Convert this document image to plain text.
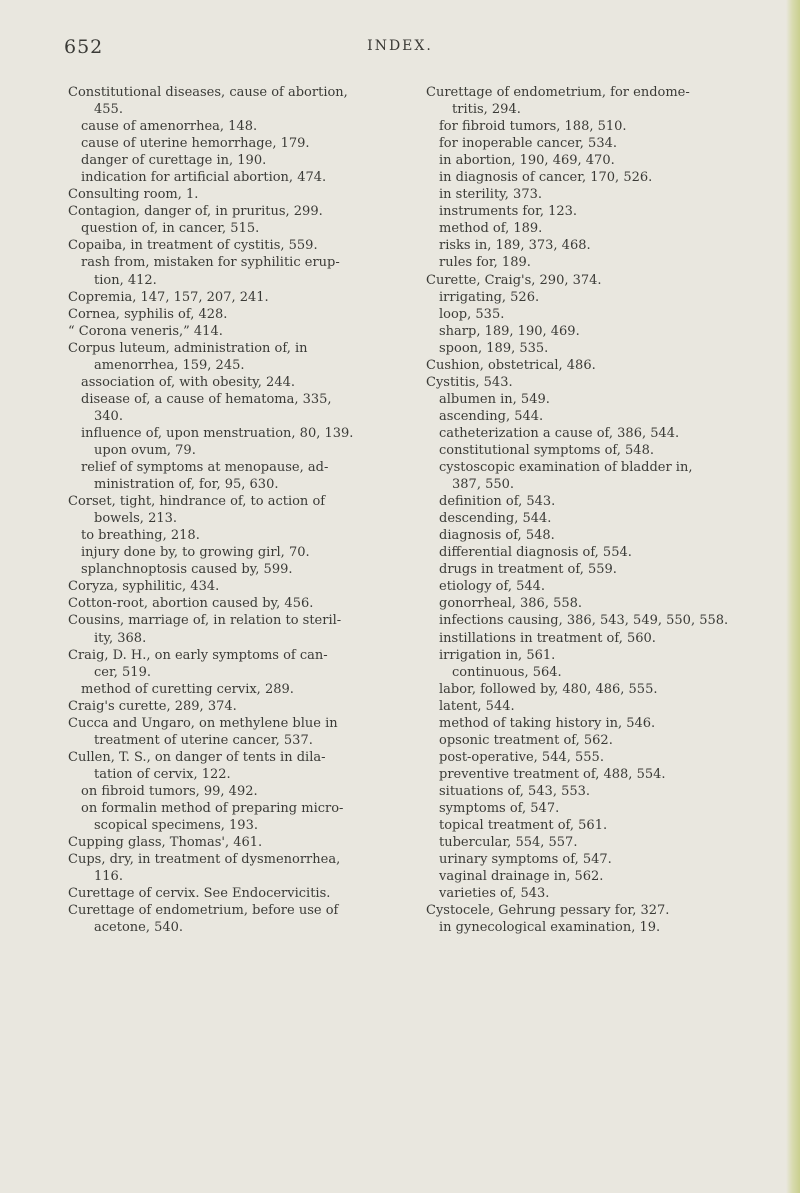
652	INDEX.
Constitutional diseases, cause of abortion,
455.
cause of amenorrhea, 148.
cause of uterine hemorrhage, 179.
danger of curettage in, 190.
indication for artificial abortion, 474.
Consulting room, 1.
Contagion, danger of, in pruritus, 299.
question of, in cancer, 515.
Copaiba, in treatment of cystitis, 559.
rash from, mistaken for syphilitic erup-
tion, 412.
Copremia, 147, 157, 207, 241.
Cornea, syphilis of, 428.
“ Corona veneris,” 414.
Corpus luteum, administration of, in
amenorrhea, 159, 245.
association of, with obesity, 244.
disease of, a cause of hematoma, 335,
340.
influence of, upon menstruation, 80, 139.
upon ovum, 79.
relief of symptoms at menopause, ad-
ministration of, for, 95, 630.
Corset, tight, hindrance of, to action of
bowels, 213.
to breathing, 218.
injury done by, to growing girl, 70.
splanchnoptosis caused by, 599.
Coryza, syphilitic, 434.
Cotton-root, abortion caused by, 456.
Cousins, marriage of, in relation to steril-
ity, 368.
Craig, D. H., on early symptoms of can-
cer, 519.
method of curetting cervix, 289.
Craig's curette, 289, 374.
Cucca and Ungaro, on methylene blue in
treatment of uterine cancer, 537.
Cullen, T. S., on danger of tents in dila-
tation of cervix, 122.
on fibroid tumors, 99, 492.
on formalin method of preparing micro-
scopical specimens, 193.
Cupping glass, Thomas', 461.
Cups, dry, in treatment of dysmenorrhea,
116.
Curettage of cervix. See Endocervicitis.
Curettage of endometrium, before use of
acetone, 540.
Curettage of endometrium, for endome-
tritis, 294.
for fibroid tumors, 188, 510.
for inoperable cancer, 534.
in abortion, 190, 469, 470.
in diagnosis of cancer, 170, 526.
in sterility, 373.
instruments for, 123.
method of, 189.
risks in, 189, 373, 468.
rules for, 189.
Curette, Craig's, 290, 374.
irrigating, 526.
loop, 535.
sharp, 189, 190, 469.
spoon, 189, 535.
Cushion, obstetrical, 486.
Cystitis, 543.
albumen in, 549.
ascending, 544.
catheterization a cause of, 386, 544.
constitutional symptoms of, 548.
cystoscopic examination of bladder in,
387, 550.
definition of, 543.
descending, 544.
diagnosis of, 548.
differential diagnosis of, 554.
drugs in treatment of, 559.
etiology of, 544.
gonorrheal, 386, 558.
infections causing, 386, 543, 549, 550, 558.
instillations in treatment of, 560.
irrigation in, 561.
continuous, 564.
labor, followed by, 480, 486, 555.
latent, 544.
method of taking history in, 546.
opsonic treatment of, 562.
post-operative, 544, 555.
preventive treatment of, 488, 554.
situations of, 543, 553.
symptoms of, 547.
topical treatment of, 561.
tubercular, 554, 557.
urinary symptoms of, 547.
vaginal drainage in, 562.
varieties of, 543.
Cystocele, Gehrung pessary for, 327.
in gynecological examination, 19.
